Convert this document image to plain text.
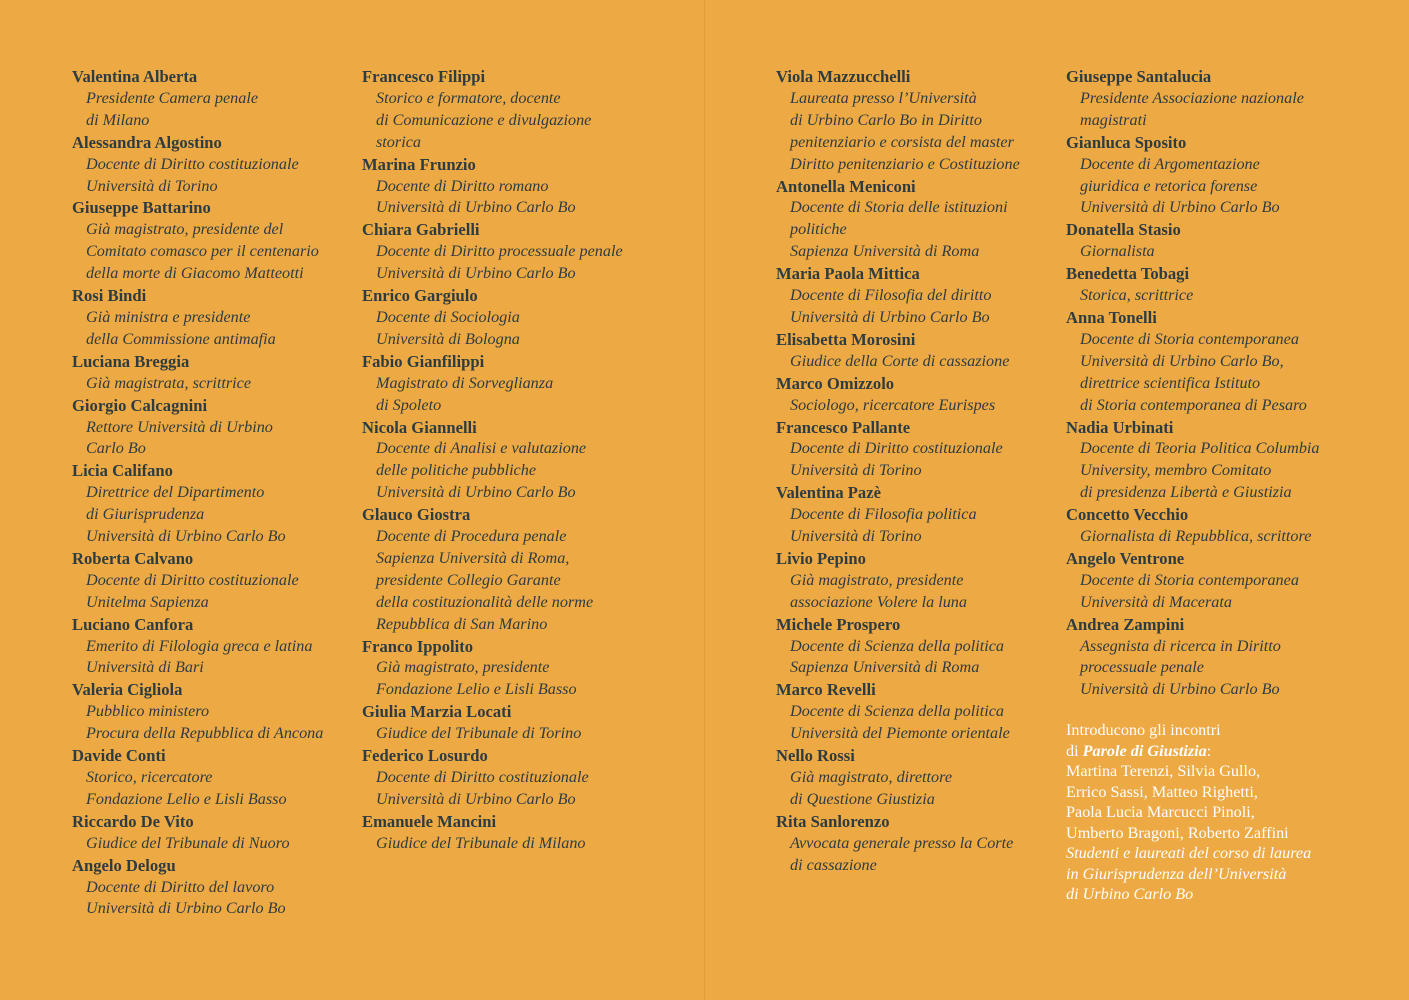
Valentina Alberta
Presidente Camera penale
di Milano
Alessandra Algostino
Docente di Diritto costituzionale
Università di Torino
Giuseppe Battarino
Già magistrato, presidente del
Comitato comasco per il centenario
della morte di Giacomo Matteotti
Rosi Bindi
Già ministra e presidente
della Commissione antimafia
Luciana Breggia
Già magistrata, scrittrice
Giorgio Calcagnini
Rettore Università di Urbino
Carlo Bo
Licia Califano
Direttrice del Dipartimento
di Giurisprudenza
Università di Urbino Carlo Bo
Roberta Calvano
Docente di Diritto costituzionale
Unitelma Sapienza
Luciano Canfora
Emerito di Filologia greca e latina
Università di Bari
Valeria Cigliola
Pubblico ministero
Procura della Repubblica di Ancona
Davide Conti
Storico, ricercatore
Fondazione Lelio e Lisli Basso
Riccardo De Vito
Giudice del Tribunale di Nuoro
Angelo Delogu
Docente di Diritto del lavoro
Università di Urbino Carlo Bo
Francesco Filippi
Storico e formatore, docente
di Comunicazione e divulgazione
storica
Marina Frunzio
Docente di Diritto romano
Università di Urbino Carlo Bo
Chiara Gabrielli
Docente di Diritto processuale penale
Università di Urbino Carlo Bo
Enrico Gargiulo
Docente di Sociologia
Università di Bologna
Fabio Gianfilippi
Magistrato di Sorveglianza
di Spoleto
Nicola Giannelli
Docente di Analisi e valutazione
delle politiche pubbliche
Università di Urbino Carlo Bo
Glauco Giostra
Docente di Procedura penale
Sapienza Università di Roma,
presidente Collegio Garante
della costituzionalità delle norme
Repubblica di San Marino
Franco Ippolito
Già magistrato, presidente
Fondazione Lelio e Lisli Basso
Giulia Marzia Locati
Giudice del Tribunale di Torino
Federico Losurdo
Docente di Diritto costituzionale
Università di Urbino Carlo Bo
Emanuele Mancini
Giudice del Tribunale di Milano
Viola Mazzucchelli
Laureata presso l’Università
di Urbino Carlo Bo in Diritto
penitenziario e corsista del master
Diritto penitenziario e Costituzione
Antonella Meniconi
Docente di Storia delle istituzioni
politiche
Sapienza Università di Roma
Maria Paola Mittica
Docente di Filosofia del diritto
Università di Urbino Carlo Bo
Elisabetta Morosini
Giudice della Corte di cassazione
Marco Omizzolo
Sociologo, ricercatore Eurispes
Francesco Pallante
Docente di Diritto costituzionale
Università di Torino
Valentina Pazè
Docente di Filosofia politica
Università di Torino
Livio Pepino
Già magistrato, presidente
associazione Volere la luna
Michele Prospero
Docente di Scienza della politica
Sapienza Università di Roma
Marco Revelli
Docente di Scienza della politica
Università del Piemonte orientale
Nello Rossi
Già magistrato, direttore
di Questione Giustizia
Rita Sanlorenzo
Avvocata generale presso la Corte
di cassazione
Giuseppe Santalucia
Presidente Associazione nazionale
magistrati
Gianluca Sposito
Docente di Argomentazione
giuridica e retorica forense
Università di Urbino Carlo Bo
Donatella Stasio
Giornalista
Benedetta Tobagi
Storica, scrittrice
Anna Tonelli
Docente di Storia contemporanea
Università di Urbino Carlo Bo,
direttrice scientifica Istituto
di Storia contemporanea di Pesaro
Nadia Urbinati
Docente di Teoria Politica Columbia
University, membro Comitato
di presidenza Libertà e Giustizia
Concetto Vecchio
Giornalista di Repubblica, scrittore
Angelo Ventrone
Docente di Storia contemporanea
Università di Macerata
Andrea Zampini
Assegnista di ricerca in Diritto
processuale penale
Università di Urbino Carlo Bo
Introducono gli incontri
di Parole di Giustizia:
Martina Terenzi, Silvia Gullo,
Errico Sassi, Matteo Righetti,
Paola Lucia Marcucci Pinoli,
Umberto Bragoni, Roberto Zaffini
Studenti e laureati del corso di laurea
in Giurisprudenza dell’Università
di Urbino Carlo Bo
